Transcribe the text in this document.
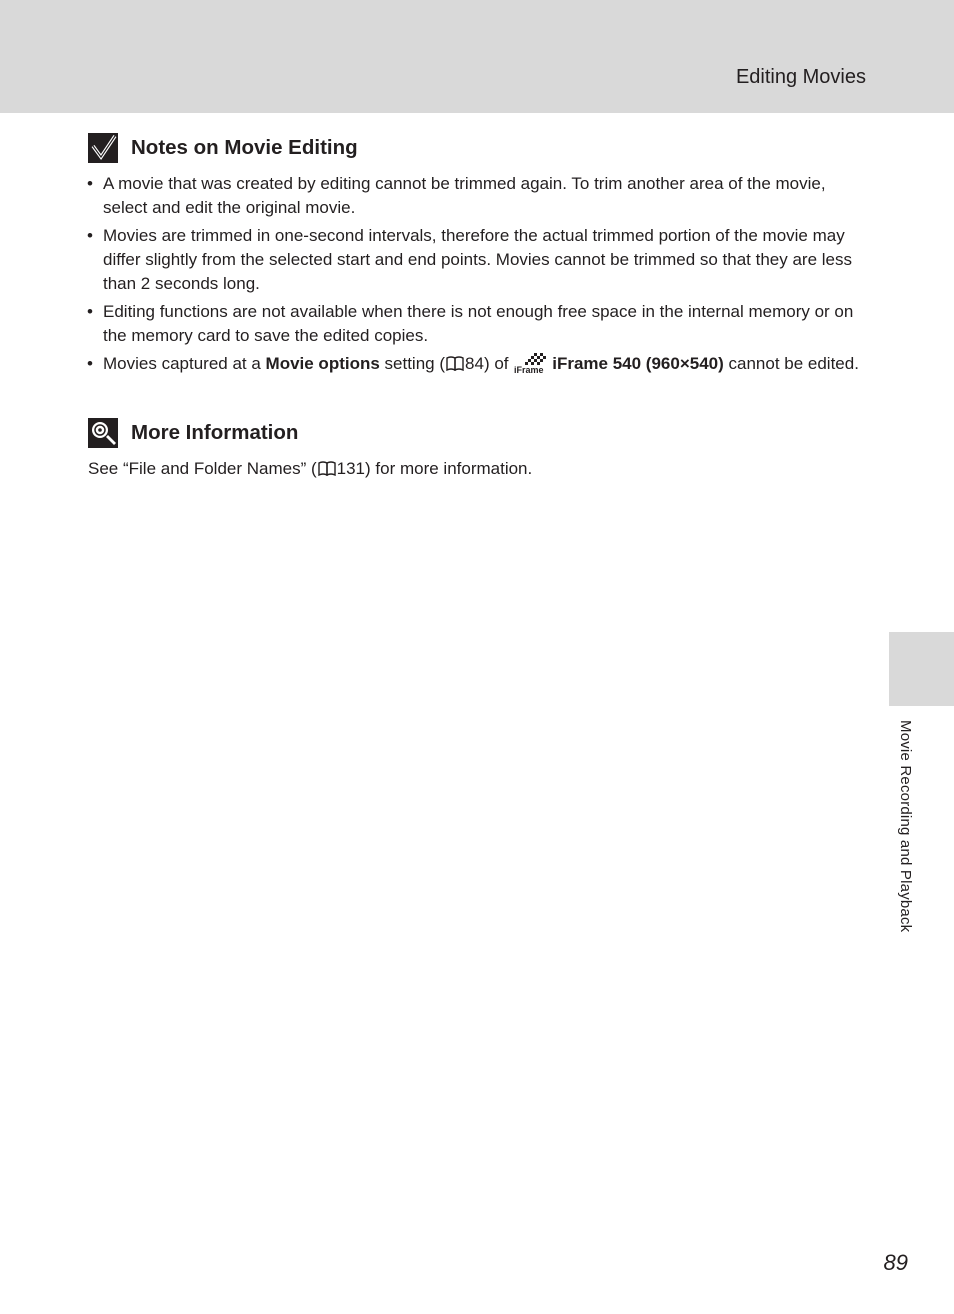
Editing Movies
Notes on Movie Editing
• A movie that was created by editing cannot be trimmed again. To trim another area of the movie, select and edit the original movie.
• Movies are trimmed in one-second intervals, therefore the actual trimmed portion of the movie may differ slightly from the selected start and end points. Movies cannot be trimmed so that they are less than 2 seconds long.
• Editing functions are not available when there is not enough free space in the internal memory or on the memory card to save the edited copies.
• Movies captured at a Movie options setting ( 84) of iFrame iFrame 540 (960×540) cannot be edited.
More Information
See “File and Folder Names” ( 131) for more information.
Movie Recording and Playback
89
